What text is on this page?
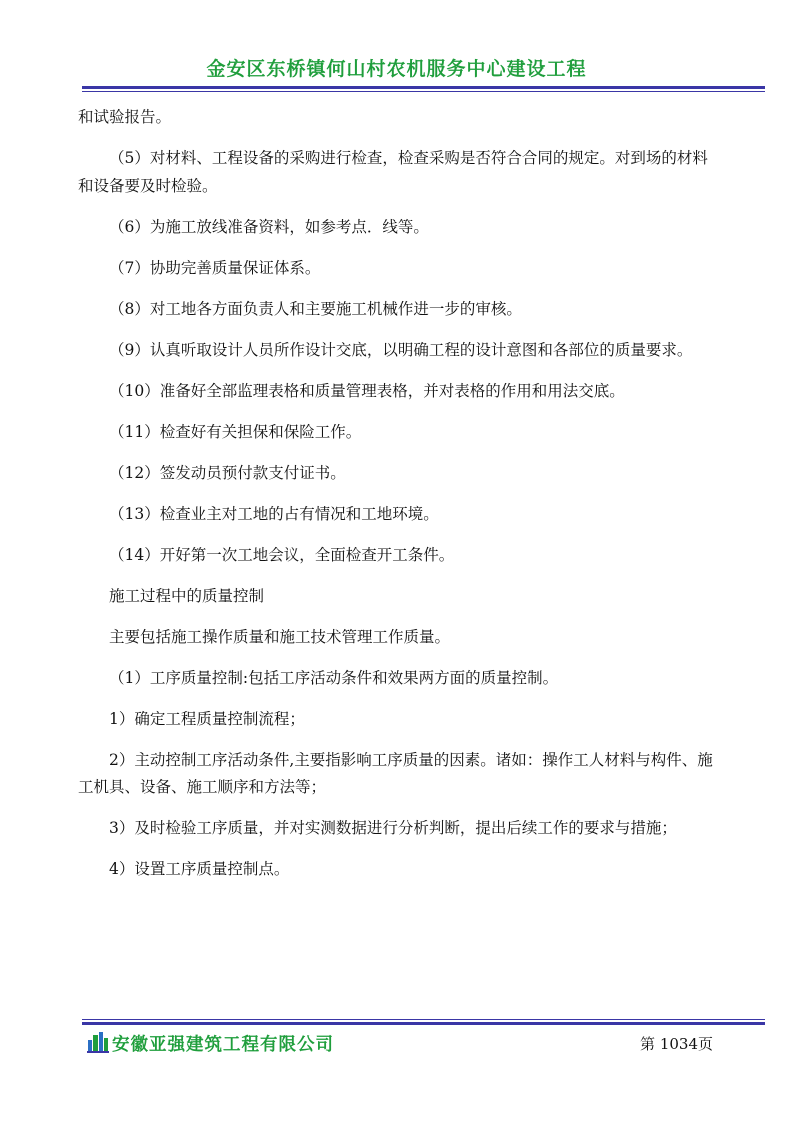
金安区东桥镇何山村农机服务中心建设工程

和试验报告。

（5）对材料、工程设备的采购进行检查，检查采购是否符合合同的规定。对到场的材料和设备要及时检验。

（6）为施工放线准备资料，如参考点．线等。

（7）协助完善质量保证体系。

（8）对工地各方面负责人和主要施工机械作进一步的审核。

（9）认真听取设计人员所作设计交底，以明确工程的设计意图和各部位的质量要求。

（10）准备好全部监理表格和质量管理表格，并对表格的作用和用法交底。

（11）检查好有关担保和保险工作。

（12）签发动员预付款支付证书。

（13）检查业主对工地的占有情况和工地环境。

（14）开好第一次工地会议，全面检查开工条件。

施工过程中的质量控制

主要包括施工操作质量和施工技术管理工作质量。

（1）工序质量控制:包括工序活动条件和效果两方面的质量控制。

1）确定工程质量控制流程；

2）主动控制工序活动条件,主要指影响工序质量的因素。诸如：操作工人材料与构件、施工机具、设备、施工顺序和方法等；

3）及时检验工序质量，并对实测数据进行分析判断，提出后续工作的要求与措施；

4）设置工序质量控制点。

安徽亚强建筑工程有限公司	第 1034页
